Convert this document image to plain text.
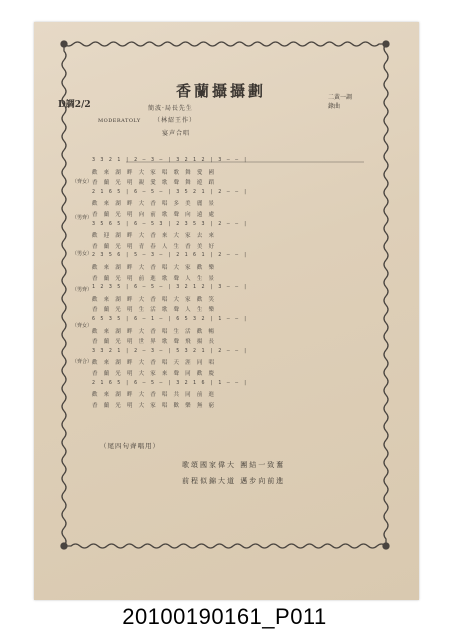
香蘭攝攝劃
D調2/2
MODERATOLY
簡波·局長先生
（林紹王作）
宴声合唱
二黃一調
錄曲
3 3 2 1 | 2 — 3 — | 3 2 1 2 | 3 — — |
歡 來 湖 畔 大 家 唱 歌 舞 愛 國
香 蘭 光 明 親 愛 歌 聲 舞 遊 蹈
2 1 6 5 | 6 — 5 — | 3 5 2 1 | 2 — — |
歡 來 湖 畔 大 香 唱 多 美 麗 景
香 蘭 光 明 向 前 歌 聲 向 遠 處
3 5 6 5 | 6 — 5 3 | 2 3 5 3 | 2 — — |
歡 迎 湖 畔 大 香 來 大 家 去 來
香 蘭 光 明 青 春 人 生 香 美 好
2 3 5 6 | 5 — 3 — | 2 1 6 1 | 2 — — |
歡 來 湖 畔 大 香 唱 大 家 歡 樂
香 蘭 光 明 前 進 歌 聲 人 生 景
1 2 3 5 | 6 — 5 — | 3 2 1 2 | 3 — — |
歡 來 湖 畔 大 香 唱 大 家 歡 笑
香 蘭 光 明 生 活 歌 聲 人 生 樂
6 5 3 5 | 6 — 1 — | 6 5 3 2 | 1 — — |
歡 來 湖 畔 大 香 唱 生 活 歡 暢
香 蘭 光 明 世 界 歌 聲 飛 揚 長
3 3 2 1 | 2 — 3 — | 5 3 2 1 | 2 — — |
歡 來 湖 畔 大 香 唱 天 涯 同 唱
香 蘭 光 明 大 家 來 聲 同 歡 慶
2 1 6 5 | 6 — 5 — | 3 2 1 6 | 1 — — |
歡 來 湖 畔 大 香 唱 共 同 前 進
香 蘭 光 明 大 家 唱 歡 樂 無 窮
（齊女）
（男齊）
（男女）
（男齊）
（齊女）
（齊合）
（尾四句齊唱用）
歌頌國家偉大 團結一致奮
前程似錦大道 邁步向前進
20100190161_P011
